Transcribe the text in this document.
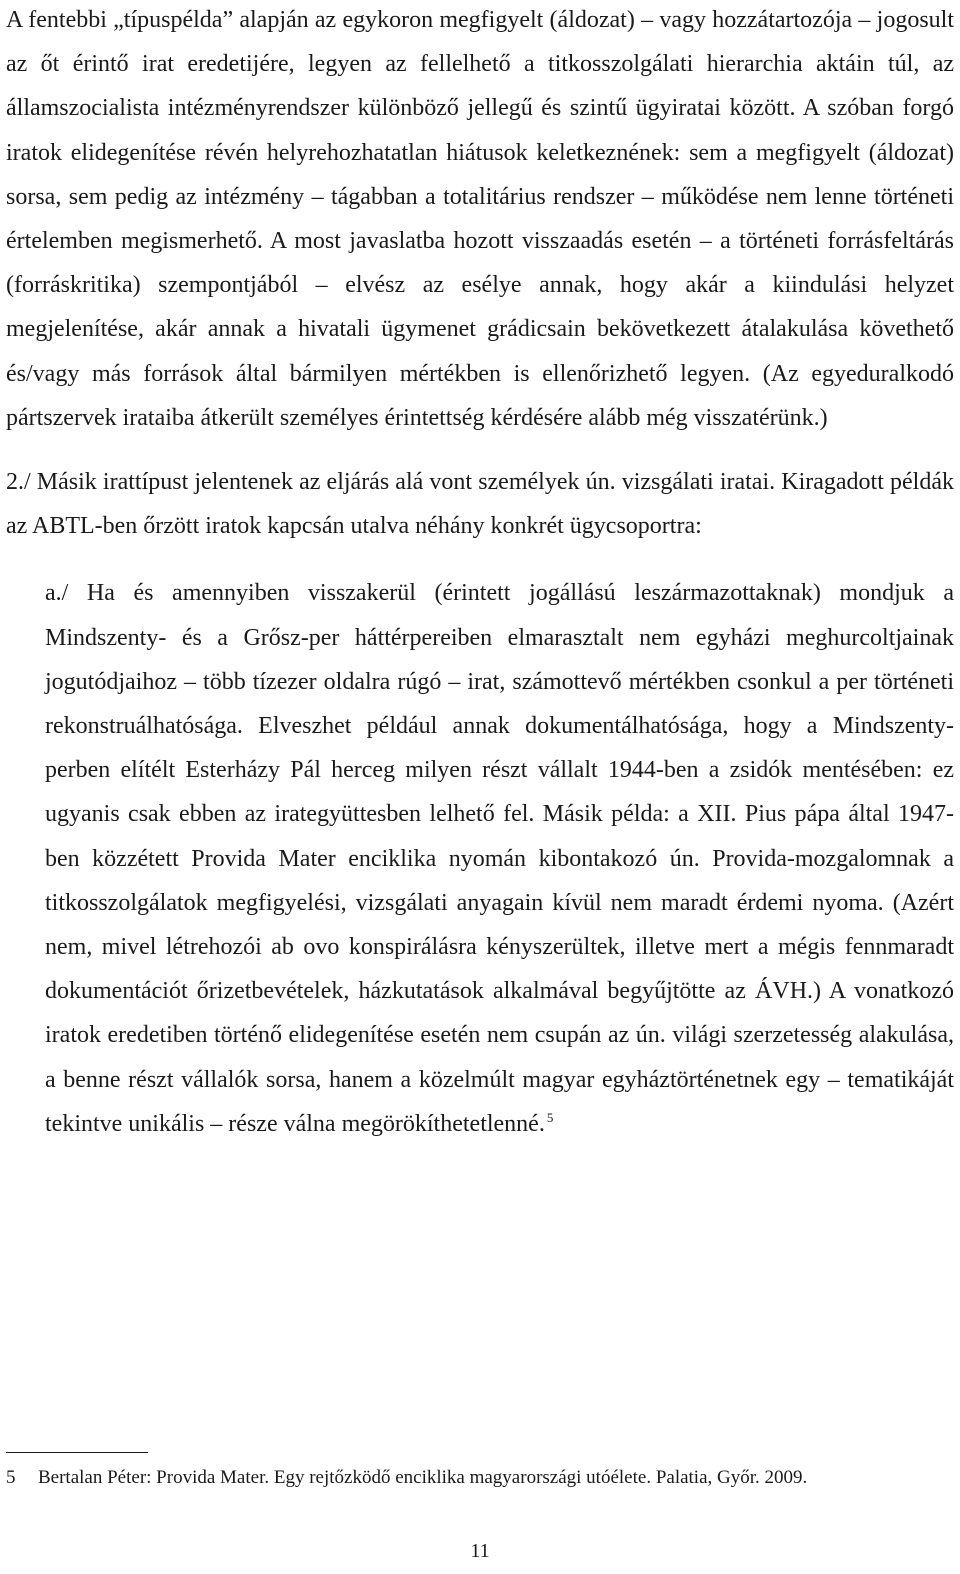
A fentebbi „típuspélda” alapján az egykoron megfigyelt (áldozat) – vagy hozzátartozója – jogosult az őt érintő irat eredetijére, legyen az fellelhető a titkosszolgálati hierarchia aktáin túl, az államszocialista intézményrendszer különböző jellegű és szintű ügyiratai között. A szóban forgó iratok elidegenítése révén helyrehozhatatlan hiátusok keletkeznének: sem a megfigyelt (áldozat) sorsa, sem pedig az intézmény – tágabban a totalitárius rendszer – működése nem lenne történeti értelemben megismerhető. A most javaslatba hozott visszaadás esetén – a történeti forrásfeltárás (forráskritika) szempontjából – elvész az esélye annak, hogy akár a kiindulási helyzet megjelenítése, akár annak a hivatali ügymenet grádicsain bekövetkezett átalakulása követhető és/vagy más források által bármilyen mértékben is ellenőrizhető legyen. (Az egyeduralkodó pártszervek irataiba átkerült személyes érintettség kérdésére alább még visszatérünk.)

2./ Másik irattípust jelentenek az eljárás alá vont személyek ún. vizsgálati iratai. Kiragadott példák az ABTL-ben őrzött iratok kapcsán utalva néhány konkrét ügycsoportra:

a./ Ha és amennyiben visszakerül (érintett jogállású leszármazottaknak) mondjuk a Mindszenty- és a Grősz-per háttérpereiben elmarasztalt nem egyházi meghurcoltjainak jogutódjaihoz – több tízezer oldalra rúgó – irat, számottevő mértékben csonkul a per történeti rekonstruálhatósága. Elveszhet például annak dokumentálhatósága, hogy a Mindszenty-perben elítélt Esterházy Pál herceg milyen részt vállalt 1944-ben a zsidók mentésében: ez ugyanis csak ebben az irategyüttesben lelhető fel. Másik példa: a XII. Pius pápa által 1947-ben közzétett Provida Mater enciklika nyomán kibontakozó ún. Provida-mozgalomnak a titkosszolgálatok megfigyelési, vizsgálati anyagain kívül nem maradt érdemi nyoma. (Azért nem, mivel létrehozói ab ovo konspirálásra kényszerültek, illetve mert a mégis fennmaradt dokumentációt őrizetbevételek, házkutatások alkalmával begyűjtötte az ÁVH.) A vonatkozó iratok eredetiben történő elidegenítése esetén nem csupán az ún. világi szerzetesség alakulása, a benne részt vállalók sorsa, hanem a közelmúlt magyar egyháztörténetnek egy – tematikáját tekintve unikális – része válna megörökíthetetlenné. $^5$

5 Bertalan Péter: Provida Mater. Egy rejtőzködő enciklika magyarországi utóélete. Palatia, Győr. 2009.
11
